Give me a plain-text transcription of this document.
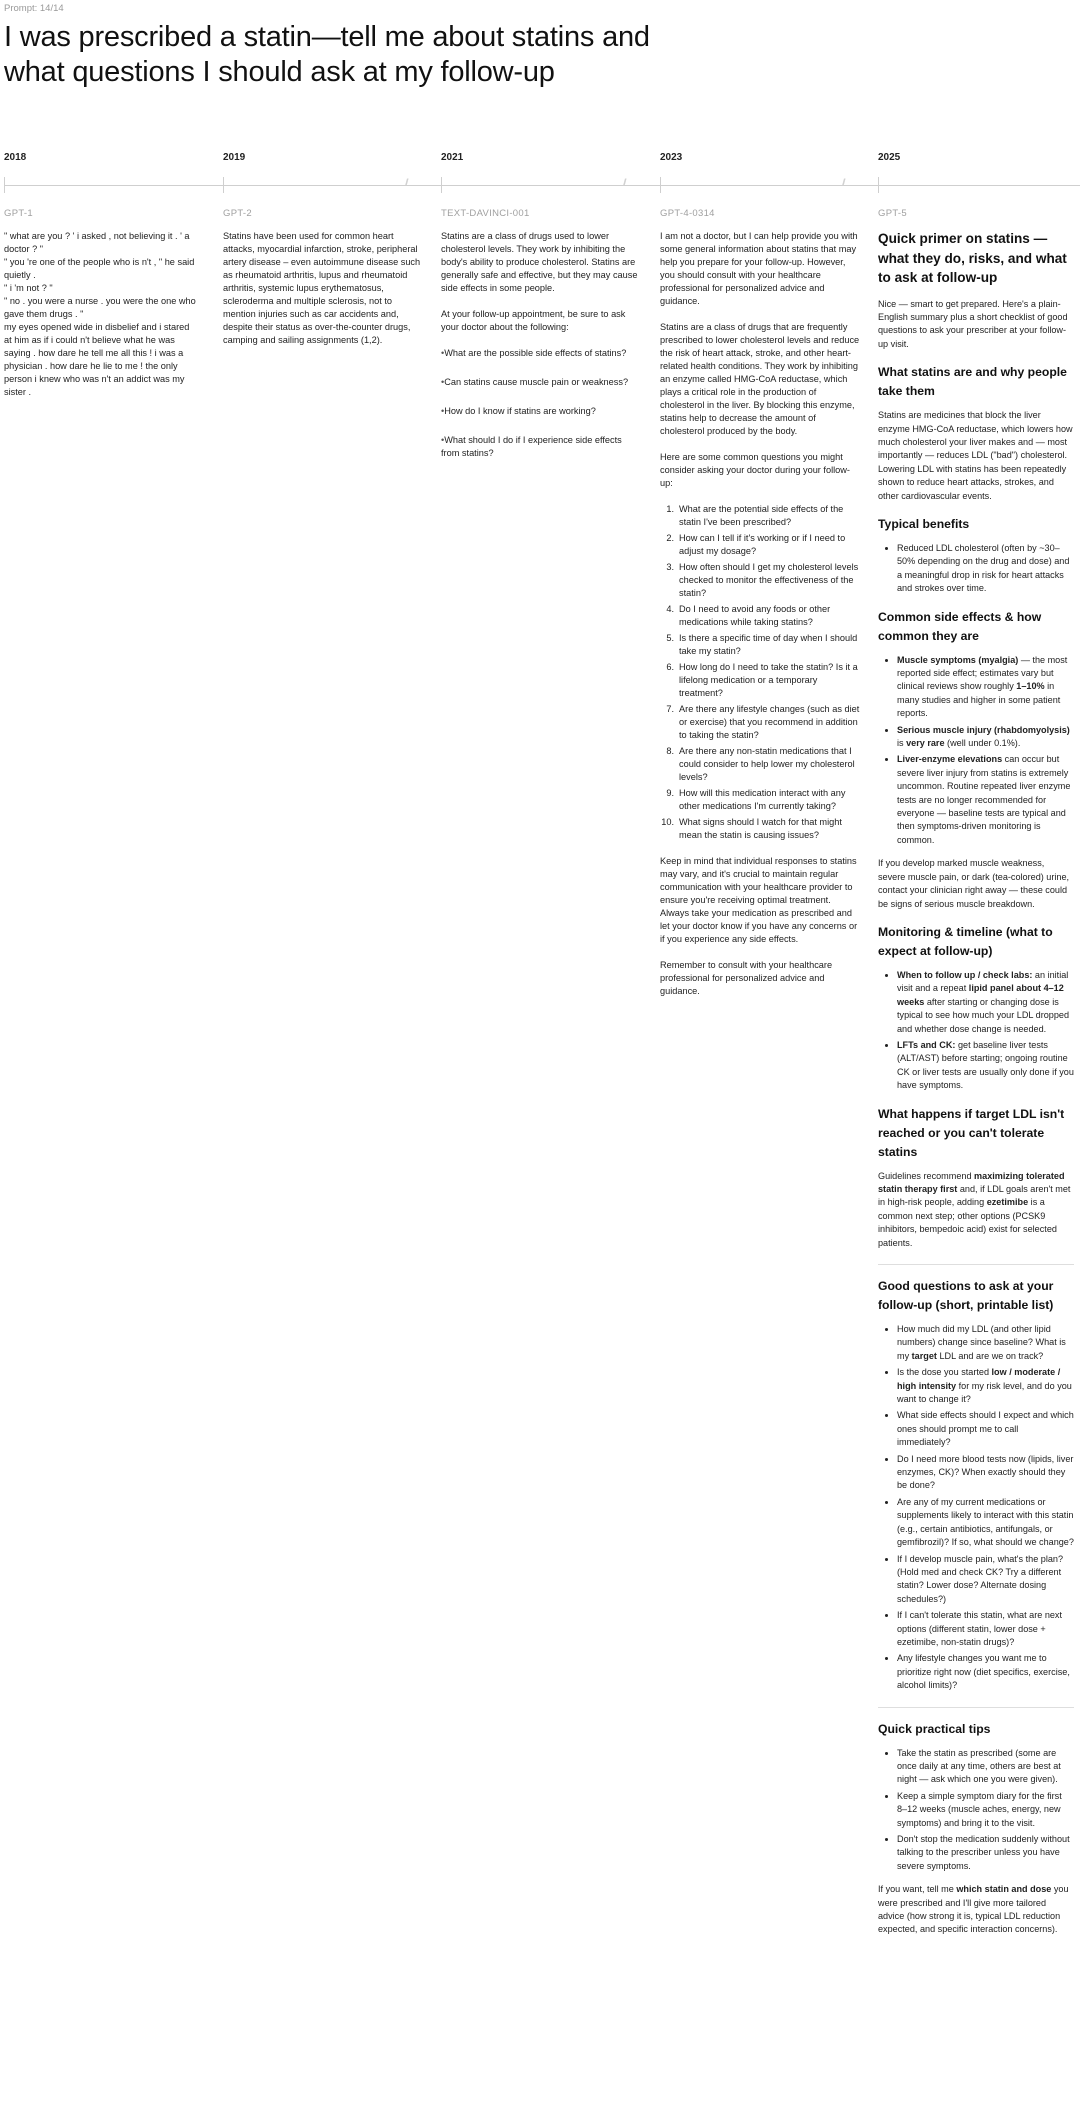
Prompt: 14/14
I was prescribed a statin—tell me about statins and what questions I should ask at my follow-up
2018	2019	2021	2023	2025
//	//	//
GPT-1	GPT-2	TEXT-DAVINCI-001	GPT-4-0314	GPT-5
" what are you ? ' i asked , not believing it . ' a
doctor ? "
" you 're one of the people who is n't , " he said
quietly .
" i 'm not ? "
" no . you were a nurse . you were the one who
gave them drugs . "
my eyes opened wide in disbelief and i stared
at him as if i could n't believe what he was
saying . how dare he tell me all this ! i was a
physician . how dare he lie to me ! the only
person i knew who was n't an addict was my
sister .

Statins have been used for common heart attacks, myocardial infarction, stroke, peripheral artery disease – even autoimmune disease such as rheumatoid arthritis, lupus and rheumatoid arthritis, systemic lupus erythematosus, scleroderma and multiple sclerosis, not to mention injuries such as car accidents and, despite their status as over-the-counter drugs, camping and sailing assignments (1,2).

Statins are a class of drugs used to lower cholesterol levels. They work by inhibiting the body's ability to produce cholesterol. Statins are generally safe and effective, but they may cause side effects in some people.

At your follow-up appointment, be sure to ask your doctor about the following:

• What are the possible side effects of statins?
• Can statins cause muscle pain or weakness?
• How do I know if statins are working?
• What should I do if I experience side effects from statins?

I am not a doctor, but I can help provide you with some general information about statins that may help you prepare for your follow-up. However, you should consult with your healthcare professional for personalized advice and guidance.

Statins are a class of drugs that are frequently prescribed to lower cholesterol levels and reduce the risk of heart attack, stroke, and other heart-related health conditions. They work by inhibiting an enzyme called HMG-CoA reductase, which plays a critical role in the production of cholesterol in the liver. By blocking this enzyme, statins help to decrease the amount of cholesterol produced by the body.

Here are some common questions you might consider asking your doctor during your follow-up:

1. What are the potential side effects of the statin I've been prescribed?
2. How can I tell if it's working or if I need to adjust my dosage?
3. How often should I get my cholesterol levels checked to monitor the effectiveness of the statin?
4. Do I need to avoid any foods or other medications while taking statins?
5. Is there a specific time of day when I should take my statin?
6. How long do I need to take the statin? Is it a lifelong medication or a temporary treatment?
7. Are there any lifestyle changes (such as diet or exercise) that you recommend in addition to taking the statin?
8. Are there any non-statin medications that I could consider to help lower my cholesterol levels?
9. How will this medication interact with any other medications I'm currently taking?
10. What signs should I watch for that might mean the statin is causing issues?

Keep in mind that individual responses to statins may vary, and it's crucial to maintain regular communication with your healthcare provider to ensure you're receiving optimal treatment. Always take your medication as prescribed and let your doctor know if you have any concerns or if you experience any side effects.

Remember to consult with your healthcare professional for personalized advice and guidance.

Quick primer on statins — what they do, risks, and what to ask at follow-up

Nice — smart to get prepared. Here's a plain-English summary plus a short checklist of good questions to ask your prescriber at your follow-up visit.

What statins are and why people take them

Statins are medicines that block the liver enzyme HMG-CoA reductase, which lowers how much cholesterol your liver makes and — most importantly — reduces LDL ("bad") cholesterol.

Lowering LDL with statins has been repeatedly shown to reduce heart attacks, strokes, and other cardiovascular events.

Typical benefits
• Reduced LDL cholesterol (often by ~30–50% depending on the drug and dose) and a meaningful drop in risk for heart attacks and strokes over time.
Common side effects & how common they are
• Muscle symptoms (myalgia) — the most reported side effect; estimates vary but clinical reviews show roughly 1–10% in many studies and higher in some patient reports.
• Serious muscle injury (rhabdomyolysis) is very rare (well under 0.1%).
• Liver-enzyme elevations can occur but severe liver injury from statins is extremely uncommon. Routine repeated liver enzyme tests are no longer recommended for everyone — baseline tests are typical and then symptoms-driven monitoring is common.

If you develop marked muscle weakness, severe muscle pain, or dark (tea-colored) urine, contact your clinician right away — these could be signs of serious muscle breakdown.

Monitoring & timeline (what to expect at follow-up)
• When to follow up / check labs: an initial visit and a repeat lipid panel about 4–12 weeks after starting or changing dose is typical to see how much your LDL dropped and whether dose change is needed.
• LFTs and CK: get baseline liver tests (ALT/AST) before starting; ongoing routine CK or liver tests are usually only done if you have symptoms.
What happens if target LDL isn't reached or you can't tolerate statins

Guidelines recommend maximizing tolerated statin therapy first and, if LDL goals aren't met in high-risk people, adding ezetimibe is a common next step; other options (PCSK9 inhibitors, bempedoic acid) exist for selected patients.

Good questions to ask at your follow-up (short, printable list)
• How much did my LDL (and other lipid numbers) change since baseline? What is my target LDL and are we on track?
• Is the dose you started low / moderate / high intensity for my risk level, and do you want to change it?
• What side effects should I expect and which ones should prompt me to call immediately?
• Do I need more blood tests now (lipids, liver enzymes, CK)? When exactly should they be done?
• Are any of my current medications or supplements likely to interact with this statin (e.g., certain antibiotics, antifungals, or gemfibrozil)? If so, what should we change?
• If I develop muscle pain, what's the plan? (Hold med and check CK? Try a different statin? Lower dose? Alternate dosing schedules?)
• If I can't tolerate this statin, what are next options (different statin, lower dose + ezetimibe, non-statin drugs)?
• Any lifestyle changes you want me to prioritize right now (diet specifics, exercise, alcohol limits)?
Quick practical tips
• Take the statin as prescribed (some are once daily at any time, others are best at night — ask which one you were given).
• Keep a simple symptom diary for the first 8–12 weeks (muscle aches, energy, new symptoms) and bring it to the visit.
• Don't stop the medication suddenly without talking to the prescriber unless you have severe symptoms.

If you want, tell me which statin and dose you were prescribed and I'll give more tailored advice (how strong it is, typical LDL reduction expected, and specific interaction concerns).
